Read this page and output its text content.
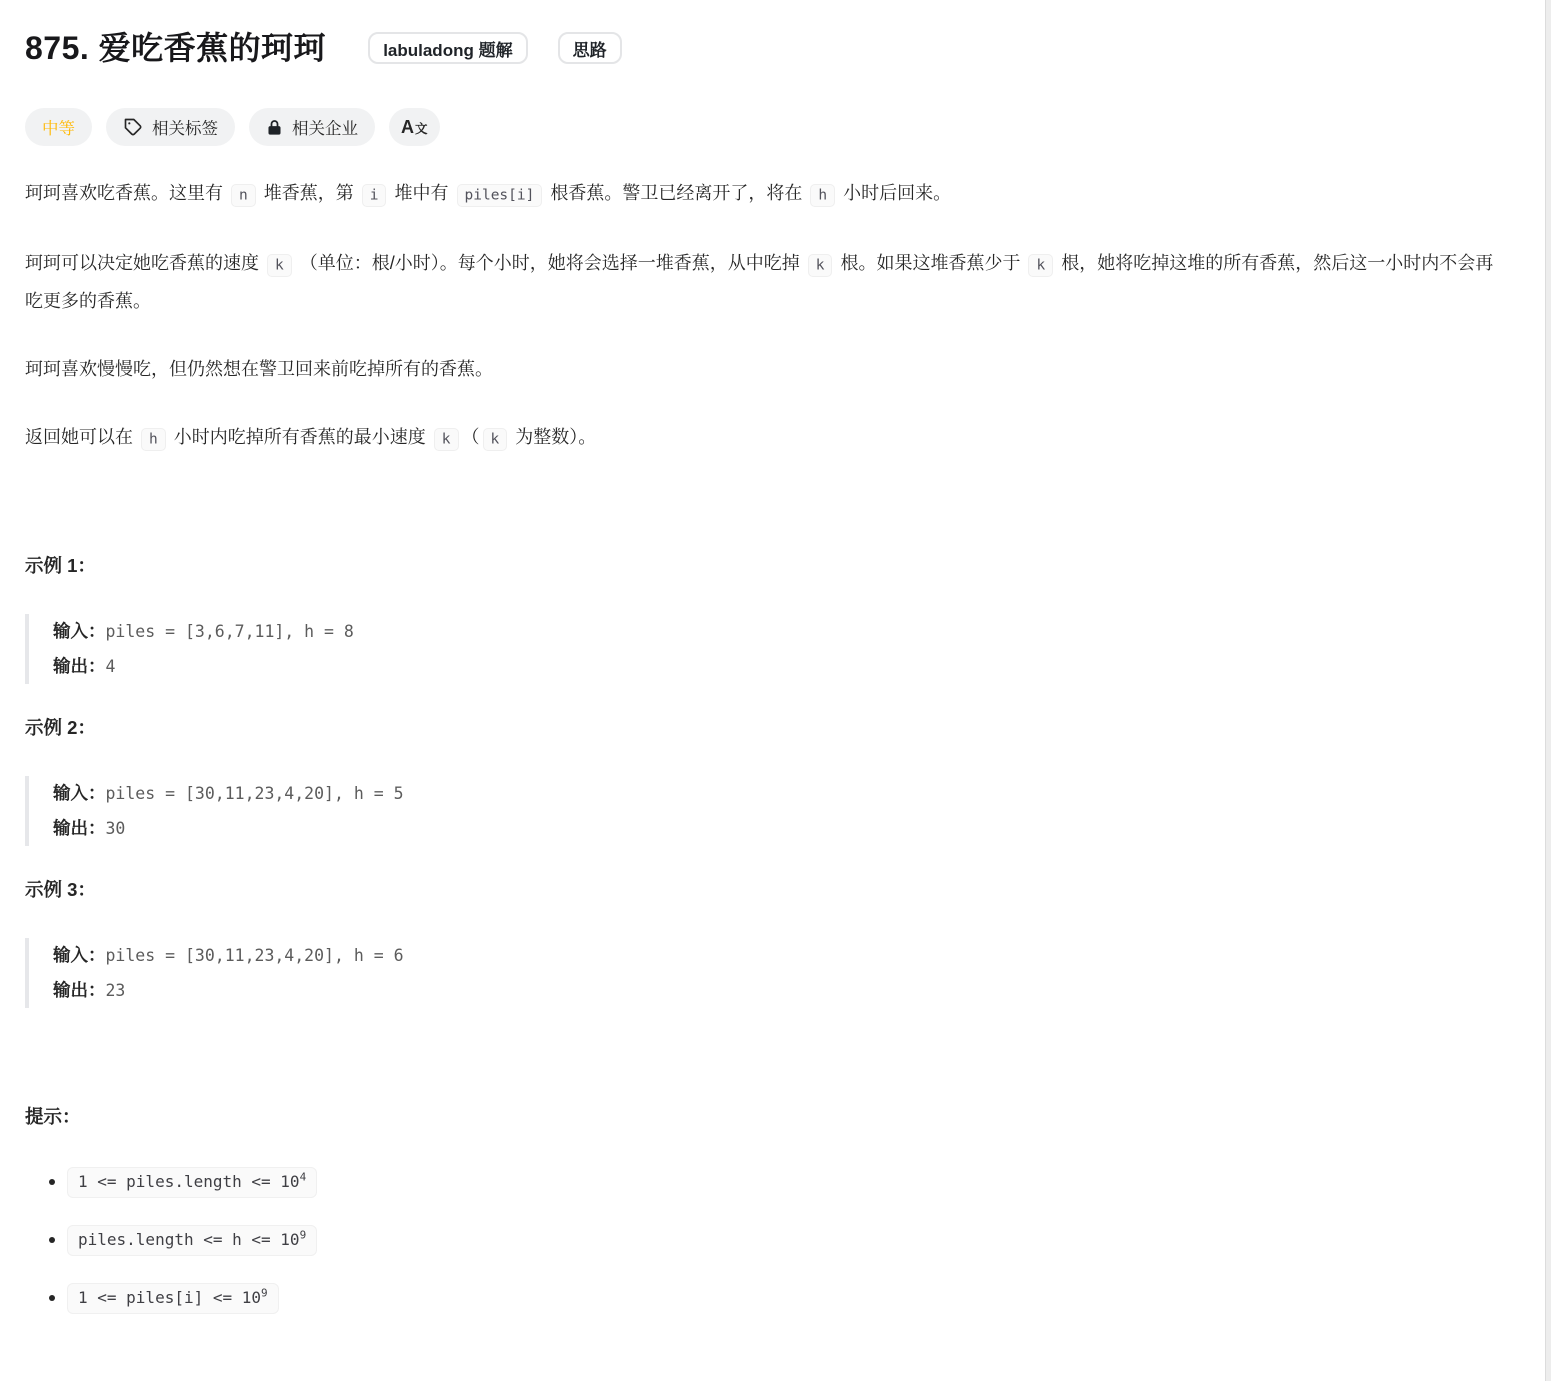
875. 爱吃香蕉的珂珂	labuladong 题解	思路
中等	相关标签	相关企业 A文

珂珂喜欢吃香蕉。这里有 n 堆香蕉，第 i 堆中有 piles[i] 根香蕉。警卫已经离开了，将在 h 小时后回来。

珂珂可以决定她吃香蕉的速度 k （单位：根/小时）。每个小时，她将会选择一堆香蕉，从中吃掉 k 根。如果这堆香蕉少于 k 根，她将吃掉这堆的所有香蕉，然后这一小时内不会再吃更多的香蕉。

珂珂喜欢慢慢吃，但仍然想在警卫回来前吃掉所有的香蕉。

返回她可以在 h 小时内吃掉所有香蕉的最小速度 k （ k 为整数）。

示例 1：
输入：piles = [3,6,7,11], h = 8
输出：4
示例 2：
输入：piles = [30,11,23,4,20], h = 5
输出：30
示例 3：
输入：piles = [30,11,23,4,20], h = 6
输出：23
提示：
1 <= piles.length <= $10^4$
piles.length <= $h <= 10^9$
1 <= piles[i] <= $10^9$
